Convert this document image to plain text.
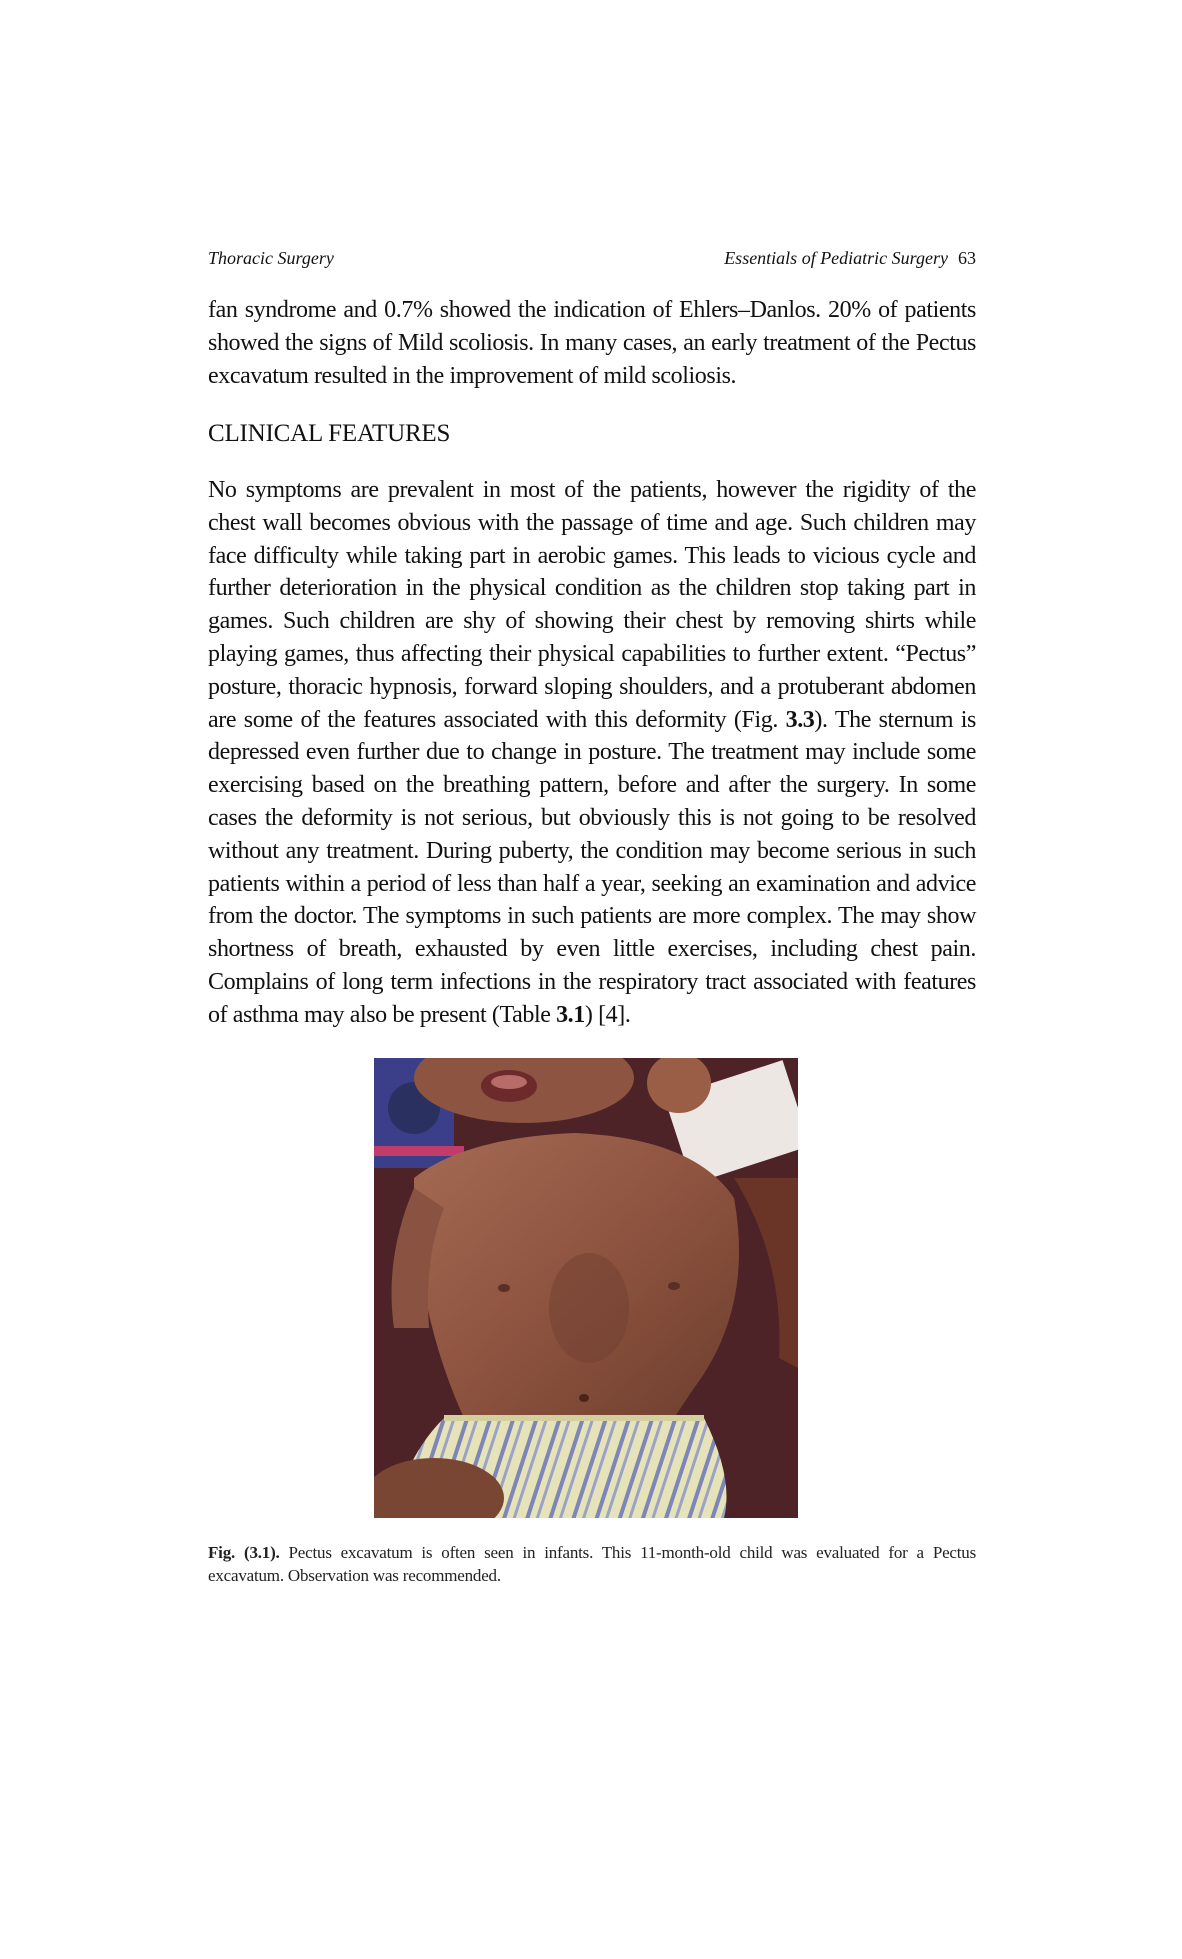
Thoracic Surgery	Essentials of Pediatric Surgery 63

fan syndrome and 0.7% showed the indication of Ehlers–Danlos. 20% of patients showed the signs of Mild scoliosis. In many cases, an early treatment of the Pectus excavatum resulted in the improvement of mild scoliosis.

CLINICAL FEATURES

No symptoms are prevalent in most of the patients, however the rigidity of the chest wall becomes obvious with the passage of time and age. Such children may face difficulty while taking part in aerobic games. This leads to vicious cycle and further deterioration in the physical condition as the children stop taking part in games. Such children are shy of showing their chest by removing shirts while playing games, thus affecting their physical capabilities to further extent. “Pectus” posture, thoracic hypnosis, forward sloping shoulders, and a protuberant abdomen are some of the features associated with this deformity (Fig. 3.3). The sternum is depressed even further due to change in posture. The treatment may include some exercising based on the breathing pattern, before and after the surgery. In some cases the deformity is not serious, but obviously this is not going to be resolved without any treatment. During puberty, the condition may become serious in such patients within a period of less than half a year, seeking an examination and advice from the doctor. The symptoms in such patients are more complex. The may show shortness of breath, exhausted by even little exercises, including chest pain. Complains of long term infections in the respiratory tract associated with features of asthma may also be present (Table 3.1) [4].

Fig. (3.1). Pectus excavatum is often seen in infants. This 11-month-old child was evaluated for a Pectus excavatum. Observation was recommended.
